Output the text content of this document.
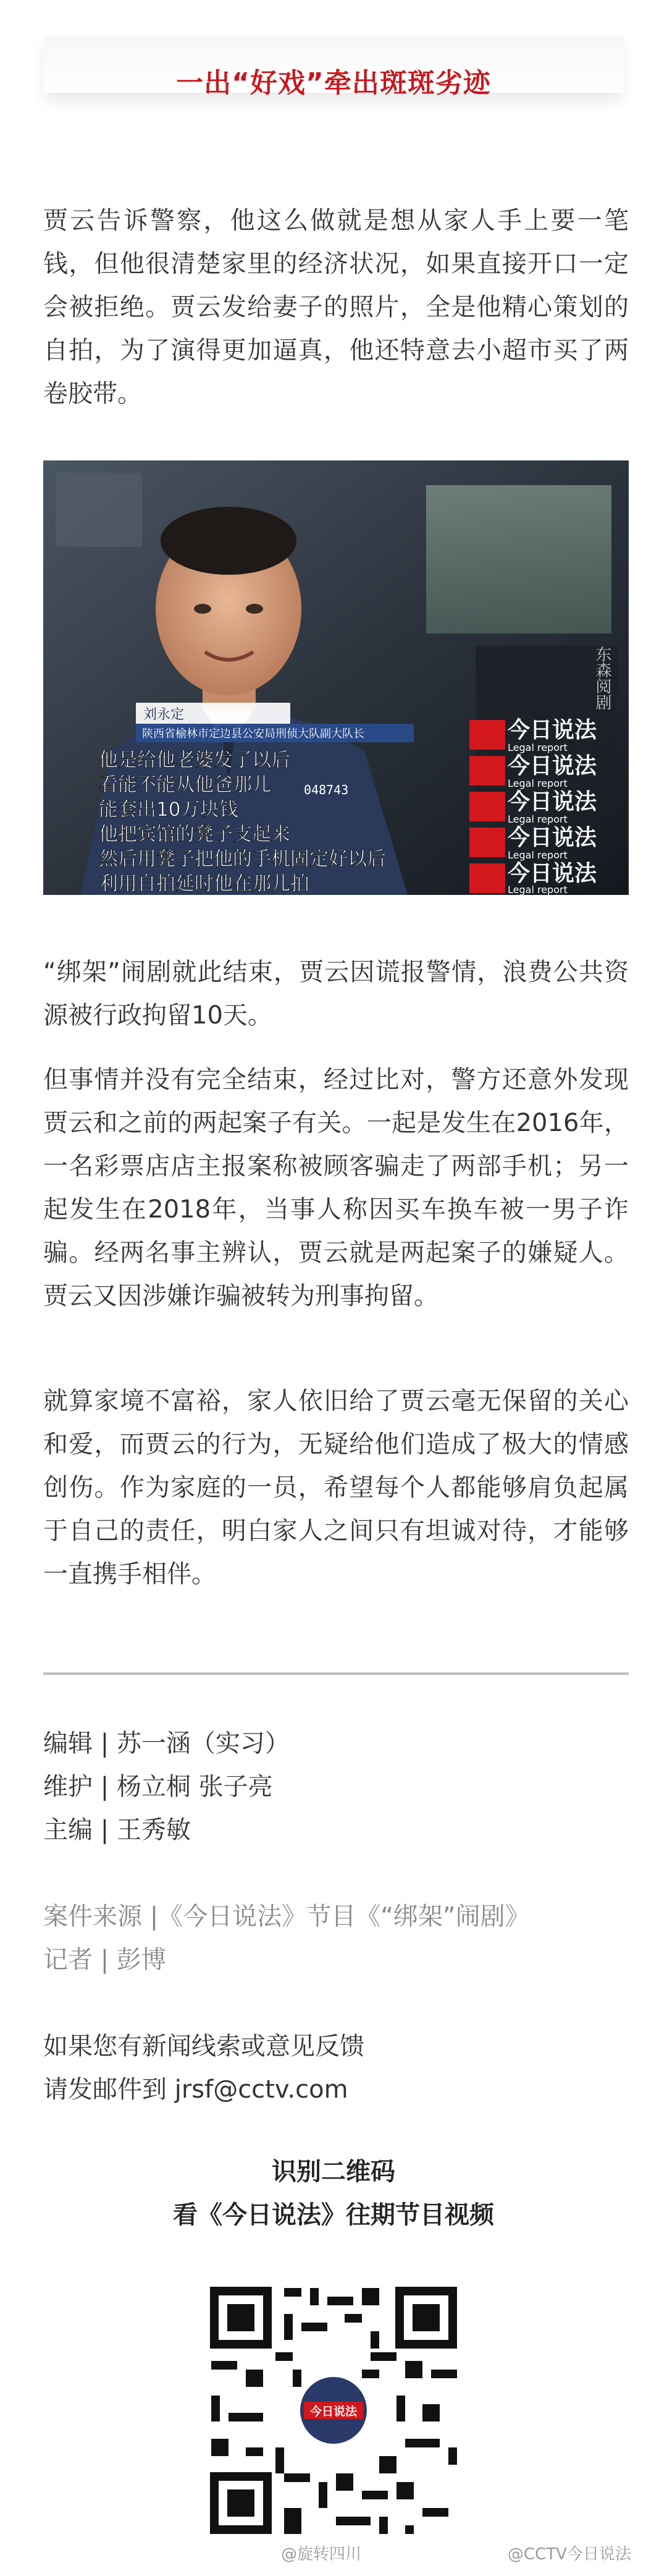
一出“好戏”牵出斑斑劣迹

贾云告诉警察，他这么做就是想从家人手上要一笔钱，但他很清楚家里的经济状况，如果直接开口一定会被拒绝。贾云发给妻子的照片，全是他精心策划的自拍，为了演得更加逼真，他还特意去小超市买了两卷胶带。

刘永定
陕西省榆林市定边县公安局刑侦大队副大队长
他是给他老婆发了以后
看能不能从他爸那儿
能套出10万块钱
他把宾馆的凳子支起来
然后用凳子把他的手机固定好以后
利用自拍延时他在那儿拍
048743
东森阅剧
今日说法
Legal report
今日说法
Legal report
今日说法
Legal report
今日说法
Legal report
今日说法
Legal report

“绑架”闹剧就此结束，贾云因谎报警情，浪费公共资源被行政拘留10天。

但事情并没有完全结束，经过比对，警方还意外发现贾云和之前的两起案子有关。一起是发生在2016年，一名彩票店店主报案称被顾客骗走了两部手机；另一起发生在2018年，当事人称因买车换车被一男子诈骗。经两名事主辨认，贾云就是两起案子的嫌疑人。贾云又因涉嫌诈骗被转为刑事拘留。

就算家境不富裕，家人依旧给了贾云毫无保留的关心和爱，而贾云的行为，无疑给他们造成了极大的情感创伤。作为家庭的一员，希望每个人都能够肩负起属于自己的责任，明白家人之间只有坦诚对待，才能够一直携手相伴。

编辑 | 苏一涵（实习）

维护 | 杨立桐 张子亮

主编 | 王秀敏

案件来源 |《今日说法》节目《“绑架”闹剧》

记者 | 彭博

如果您有新闻线索或意见反馈

请发邮件到 jrsf@cctv.com

识别二维码

看《今日说法》往期节目视频

今日说法
@旋转四川	@CCTV今日说法
